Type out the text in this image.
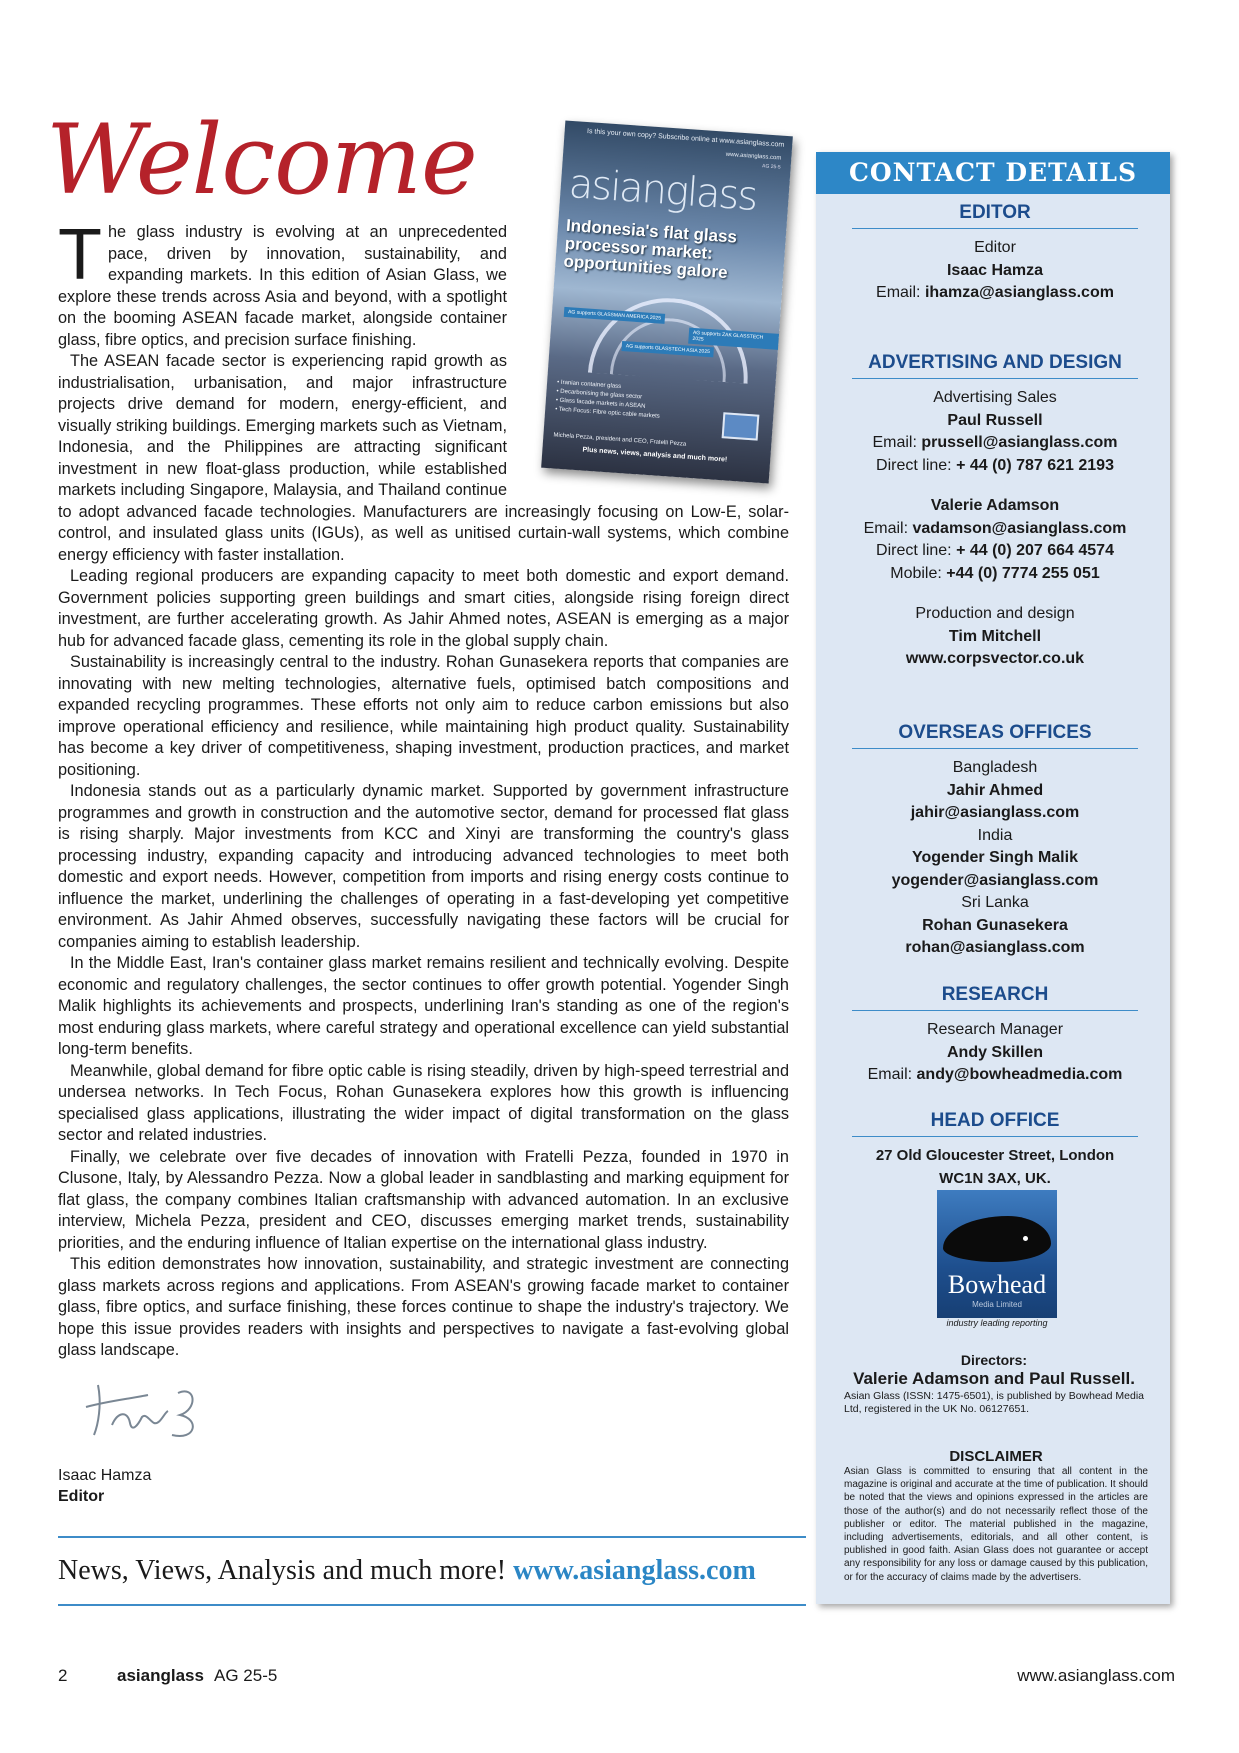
Welcome	Is this your own copy? Subscribe online at www.asianglass.com
www.asianglass.com
AG 25-5
asianglass
Indonesia's flat glass processor market: opportunities galore
AG supports GLASSMAN AMERICA 2025
AG supports ZAK GLASSTECH 2025
AG supports GLASSTECH ASIA 2025
• Iranian container glass
• Decarbonising the glass sector
• Glass facade markets in ASEAN
• Tech Focus: Fibre optic cable markets
Michela Pezza, president and CEO, Fratelli Pezza
Plus news, views, analysis and much more!

The glass industry is evolving at an unprecedented pace, driven by innovation, sustainability, and expanding markets. In this edition of Asian Glass, we explore these trends across Asia and beyond, with a spotlight on the booming ASEAN facade market, alongside container glass, fibre optics, and precision surface finishing.

The ASEAN facade sector is experiencing rapid growth as industrialisation, urbanisation, and major infrastructure projects drive demand for modern, energy-efficient, and visually striking buildings. Emerging markets such as Vietnam, Indonesia, and the Philippines are attracting significant investment in new float-glass production, while established markets including Singapore, Malaysia, and Thailand continue to adopt advanced facade technologies. Manufacturers are increasingly focusing on Low-E, solar-control, and insulated glass units (IGUs), as well as unitised curtain-wall systems, which combine energy efficiency with faster installation.

Leading regional producers are expanding capacity to meet both domestic and export demand. Government policies supporting green buildings and smart cities, alongside rising foreign direct investment, are further accelerating growth. As Jahir Ahmed notes, ASEAN is emerging as a major hub for advanced facade glass, cementing its role in the global supply chain.

Sustainability is increasingly central to the industry. Rohan Gunasekera reports that companies are innovating with new melting technologies, alternative fuels, optimised batch compositions and expanded recycling programmes. These efforts not only aim to reduce carbon emissions but also improve operational efficiency and resilience, while maintaining high product quality. Sustainability has become a key driver of competitiveness, shaping investment, production practices, and market positioning.

Indonesia stands out as a particularly dynamic market. Supported by government infrastructure programmes and growth in construction and the automotive sector, demand for processed flat glass is rising sharply. Major investments from KCC and Xinyi are transforming the country's glass processing industry, expanding capacity and introducing advanced technologies to meet both domestic and export needs. However, competition from imports and rising energy costs continue to influence the market, underlining the challenges of operating in a fast-developing yet competitive environment. As Jahir Ahmed observes, successfully navigating these factors will be crucial for companies aiming to establish leadership.

In the Middle East, Iran's container glass market remains resilient and technically evolving. Despite economic and regulatory challenges, the sector continues to offer growth potential. Yogender Singh Malik highlights its achievements and prospects, underlining Iran's standing as one of the region's most enduring glass markets, where careful strategy and operational excellence can yield substantial long-term benefits.

Meanwhile, global demand for fibre optic cable is rising steadily, driven by high-speed terrestrial and undersea networks. In Tech Focus, Rohan Gunasekera explores how this growth is influencing specialised glass applications, illustrating the wider impact of digital transformation on the glass sector and related industries.

Finally, we celebrate over five decades of innovation with Fratelli Pezza, founded in 1970 in Clusone, Italy, by Alessandro Pezza. Now a global leader in sandblasting and marking equipment for flat glass, the company combines Italian craftsmanship with advanced automation. In an exclusive interview, Michela Pezza, president and CEO, discusses emerging market trends, sustainability priorities, and the enduring influence of Italian expertise on the international glass industry.

This edition demonstrates how innovation, sustainability, and strategic investment are connecting glass markets across regions and applications. From ASEAN's growing facade market to container glass, fibre optics, and surface finishing, these forces continue to shape the industry's trajectory. We hope this issue provides readers with insights and perspectives to navigate a fast-evolving global glass landscape.

Isaac Hamza
Editor
News, Views, Analysis and much more! www.asianglass.com
2	asianglass AG 25-5	www.asianglass.com
CONTACT DETAILS
EDITOR
Editor
Isaac Hamza
Email: ihamza@asianglass.com
ADVERTISING AND DESIGN
Advertising Sales
Paul Russell
Email: prussell@asianglass.com
Direct line: + 44 (0) 787 621 2193
Valerie Adamson
Email: vadamson@asianglass.com
Direct line: + 44 (0) 207 664 4574
Mobile: +44 (0) 7774 255 051
Production and design
Tim Mitchell
www.corpsvector.co.uk
OVERSEAS OFFICES
Bangladesh
Jahir Ahmed
jahir@asianglass.com
India
Yogender Singh Malik
yogender@asianglass.com
Sri Lanka
Rohan Gunasekera
rohan@asianglass.com
RESEARCH
Research Manager
Andy Skillen
Email: andy@bowheadmedia.com
HEAD OFFICE
27 Old Gloucester Street, London
WC1N 3AX, UK.
Bowhead
Media Limited
industry leading reporting
Directors:
Valerie Adamson and Paul Russell.
Asian Glass (ISSN: 1475-6501), is published by Bowhead Media Ltd, registered in the UK No. 06127651.
DISCLAIMER
Asian Glass is committed to ensuring that all content in the magazine is original and accurate at the time of publication. It should be noted that the views and opinions expressed in the articles are those of the author(s) and do not necessarily reflect those of the publisher or editor. The material published in the magazine, including advertisements, editorials, and all other content, is published in good faith. Asian Glass does not guarantee or accept any responsibility for any loss or damage caused by this publication, or for the accuracy of claims made by the advertisers.
